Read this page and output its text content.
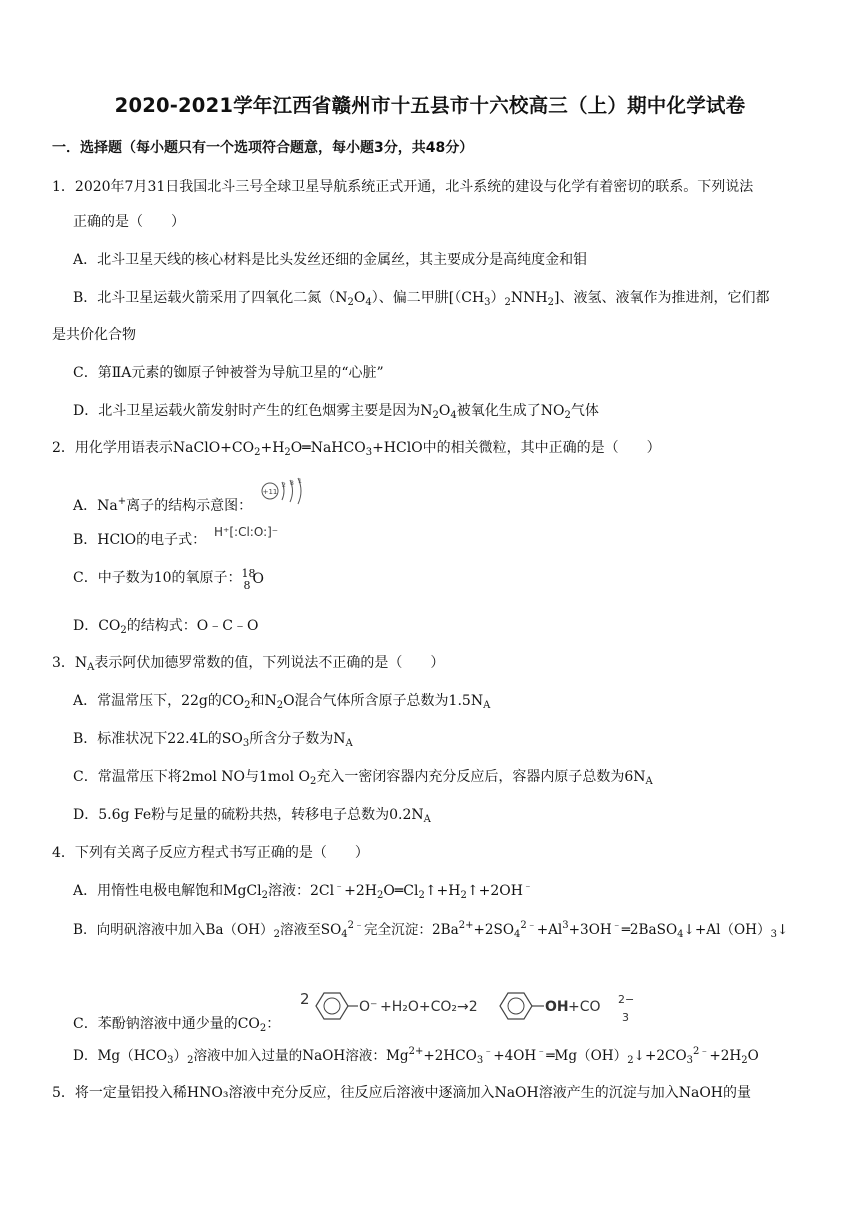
2020-2021学年江西省赣州市十五县市十六校高三（上）期中化学试卷
一．选择题（每小题只有一个选项符合题意，每小题3分，共48分）
1．2020年7月31日我国北斗三号全球卫星导航系统正式开通，北斗系统的建设与化学有着密切的联系。下列说法
正确的是（　　）
A．北斗卫星天线的核心材料是比头发丝还细的金属丝，其主要成分是高纯度金和钼
B．北斗卫星运载火箭采用了四氧化二氮$(N_2O_4)$、偏二甲肼$[(CH_3)_2NNH_2]$、液氢、液氧作为推进剂，它们都
是共价化合物
C．第ⅡA元素的铷原子钟被誉为导航卫星的“心脏”
D．北斗卫星运载火箭发射时产生的红色烟雾主要是因为$N_2O_4$被氧化生成了$NO_2$气体
2．用化学用语表示$NaClO+CO_2+H_2O═NaHCO_3+HClO$中的相关微粒，其中正确的是（　　）
A．Na+离子的结构示意图：
+11
2 8 1
B．HClO的电子式： H⁺[:Cl:O:]⁻
C．中子数为10的氧原子： 18
8 O
D．$CO_2$的结构式：O﹣C﹣O
3．$N_A$表示阿伏加德罗常数的值，下列说法不正确的是（　　）
A．常温常压下，22g的$CO_2$和$N_2O$混合气体所含原子总数为$1.5N_A$
B．标准状况下22.4L的$SO_3$所含分子数为$N_A$
C．常温常压下将2mol NO与1mol $O_2$充入一密闭容器内充分反应后，容器内原子总数为$6N_A$
D．5.6g Fe粉与足量的硫粉共热，转移电子总数为$0.2N_A$
4．下列有关离子反应方程式书写正确的是（　　）
A．用惰性电极电解饱和MgCl$_2$溶液：$2Cl^﹣+2H_2O═Cl_2↑+H_2↑+2OH^﹣$
B．向明矾溶液中加入$Ba(OH)_2$溶液至$SO_4^{2﹣}$完全沉淀：$2Ba^{2+}+2SO_4^{2﹣}+Al^3+3OH^﹣═2BaSO_4↓+Al(OH)_3↓$
2	O⁻ +H₂O+CO₂→2	OH +CO 2−
3
C．苯酚钠溶液中通少量的$CO_2$：
D．$Mg(HCO_3)_2$溶液中加入过量的NaOH溶液：$Mg^{2+}+2HCO_3^﹣+4OH^﹣═Mg(OH)_2↓+2CO_3^{2﹣}+2H_2O$
5．将一定量铝投入稀HNO₃溶液中充分反应，往反应后溶液中逐滴加入NaOH溶液产生的沉淀与加入NaOH的量
